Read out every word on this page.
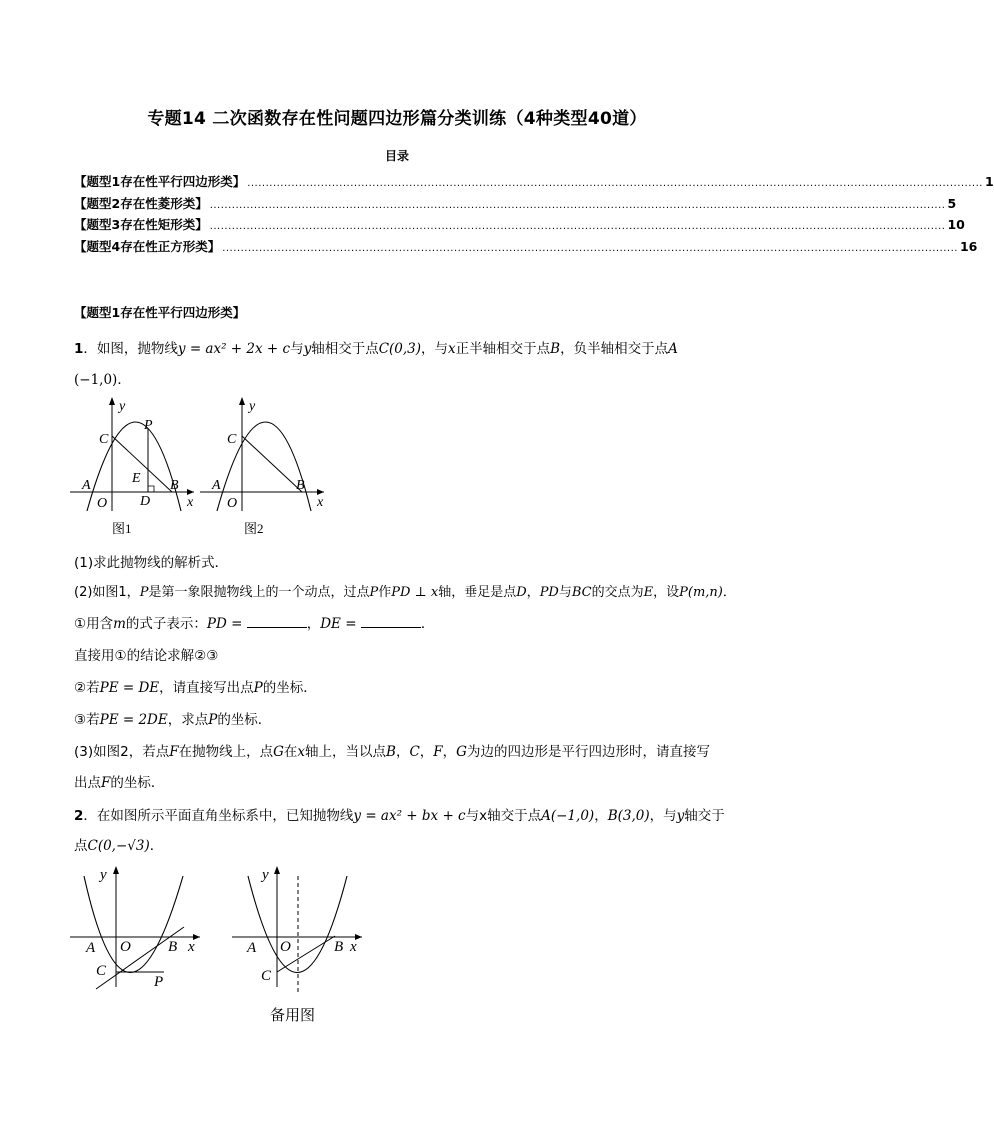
专题14 二次函数存在性问题四边形篇分类训练（4种类型40道）
目录
【题型1存在性平行四边形类】 ........................................................................................................................................................................................................ 1
【题型2存在性菱形类】 ........................................................................................................................................................................................................ 5
【题型3存在性矩形类】 ........................................................................................................................................................................................................ 10
【题型4存在性正方形类】 ........................................................................................................................................................................................................ 16
【题型1存在性平行四边形类】
1．如图，抛物线y = ax² + 2x + c与y轴相交于点C(0,3)，与x正半轴相交于点B，负半轴相交于点A
(−1,0)．
y
x
C
P
E
A
O D
B
图1
y
x
C
A
O
B
图2
(1)求此抛物线的解析式．
(2)如图1，P是第一象限抛物线上的一个动点，过点P作PD ⊥ x轴，垂足是点D，PD与BC的交点为E，设P(m,n)．
①用含m的式子表示：PD =	，DE =	．
直接用①的结论求解②③
②若PE = DE，请直接写出点P的坐标．
③若PE = 2DE，求点P的坐标．
(3)如图2，若点F在抛物线上，点G在x轴上，当以点B，C，F，G为边的四边形是平行四边形时，请直接写
出点F的坐标．
2．在如图所示平面直角坐标系中，已知抛物线y = ax² + bx + c与x轴交于点A(−1,0)，B(3,0)，与y轴交于
点C(0,−√3)．
y
x
A O B
C
P
y
x
A O	B
C
备用图
